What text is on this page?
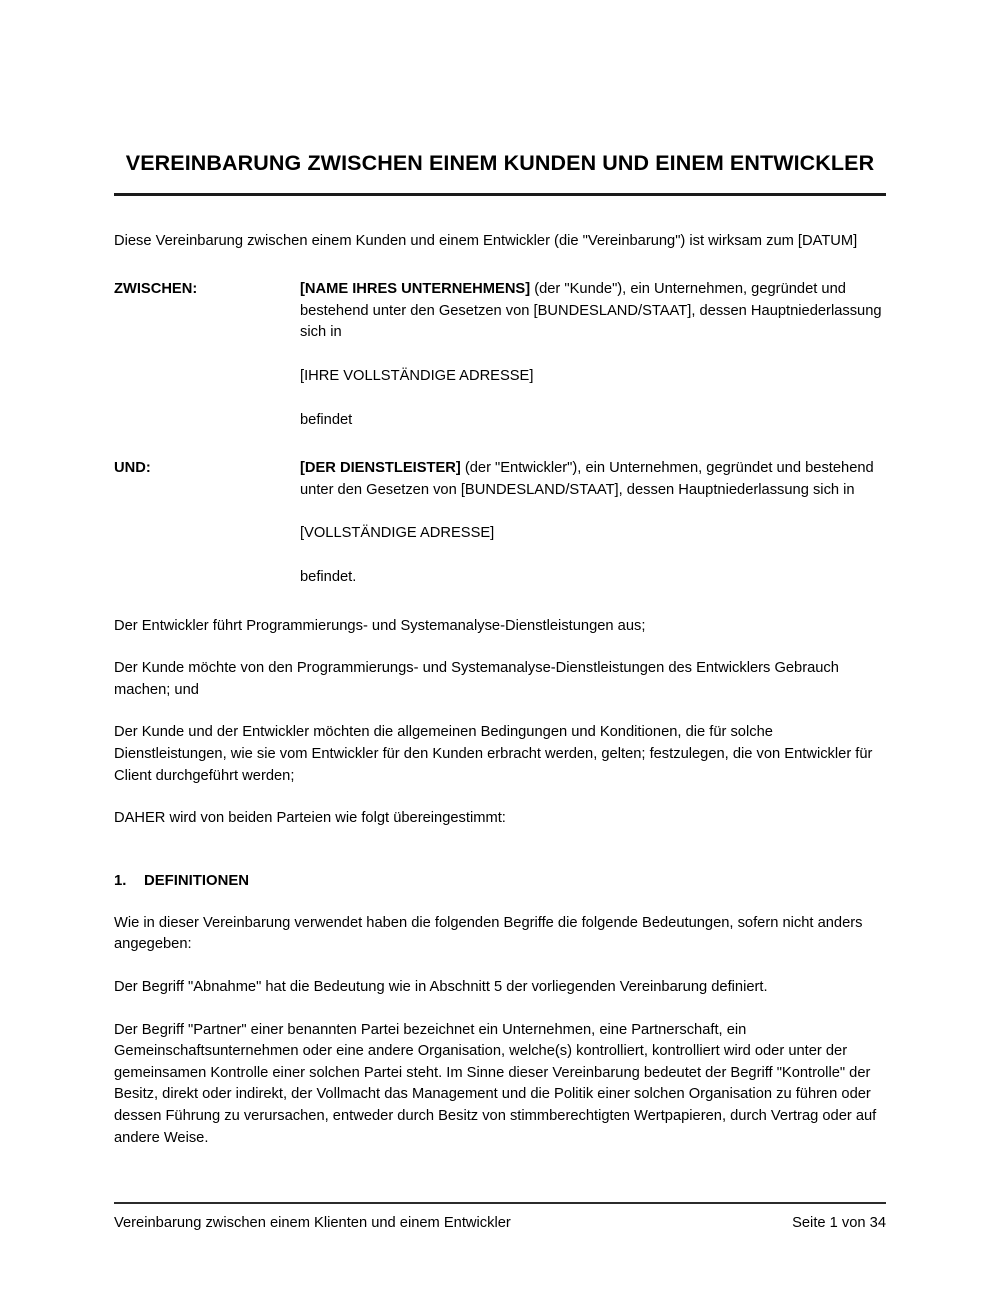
VEREINBARUNG ZWISCHEN EINEM KUNDEN UND EINEM ENTWICKLER

Diese Vereinbarung zwischen einem Kunden und einem Entwickler (die "Vereinbarung") ist wirksam zum [DATUM]

ZWISCHEN:	[NAME IHRES UNTERNEHMENS] (der "Kunde"), ein Unternehmen, gegründet und bestehend unter den Gesetzen von [BUNDESLAND/STAAT], dessen Hauptniederlassung sich in
[IHRE VOLLSTÄNDIGE ADRESSE]
befindet
UND:	[DER DIENSTLEISTER] (der "Entwickler"), ein Unternehmen, gegründet und bestehend unter den Gesetzen von [BUNDESLAND/STAAT], dessen Hauptniederlassung sich in
[VOLLSTÄNDIGE ADRESSE]
befindet.

Der Entwickler führt Programmierungs- und Systemanalyse-Dienstleistungen aus;

Der Kunde möchte von den Programmierungs- und Systemanalyse-Dienstleistungen des Entwicklers Gebrauch machen; und

Der Kunde und der Entwickler möchten die allgemeinen Bedingungen und Konditionen, die für solche Dienstleistungen, wie sie vom Entwickler für den Kunden erbracht werden, gelten; festzulegen, die von Entwickler für Client durchgeführt werden;

DAHER wird von beiden Parteien wie folgt übereingestimmt:

1.	DEFINITIONEN

Wie in dieser Vereinbarung verwendet haben die folgenden Begriffe die folgende Bedeutungen, sofern nicht anders angegeben:

Der Begriff "Abnahme" hat die Bedeutung wie in Abschnitt 5 der vorliegenden Vereinbarung definiert.

Der Begriff "Partner" einer benannten Partei bezeichnet ein Unternehmen, eine Partnerschaft, ein Gemeinschaftsunternehmen oder eine andere Organisation, welche(s) kontrolliert, kontrolliert wird oder unter der gemeinsamen Kontrolle einer solchen Partei steht. Im Sinne dieser Vereinbarung bedeutet der Begriff "Kontrolle" der Besitz, direkt oder indirekt, der Vollmacht das Management und die Politik einer solchen Organisation zu führen oder dessen Führung zu verursachen, entweder durch Besitz von stimmberechtigten Wertpapieren, durch Vertrag oder auf andere Weise.

Vereinbarung zwischen einem Klienten und einem Entwickler	Seite 1 von 34
